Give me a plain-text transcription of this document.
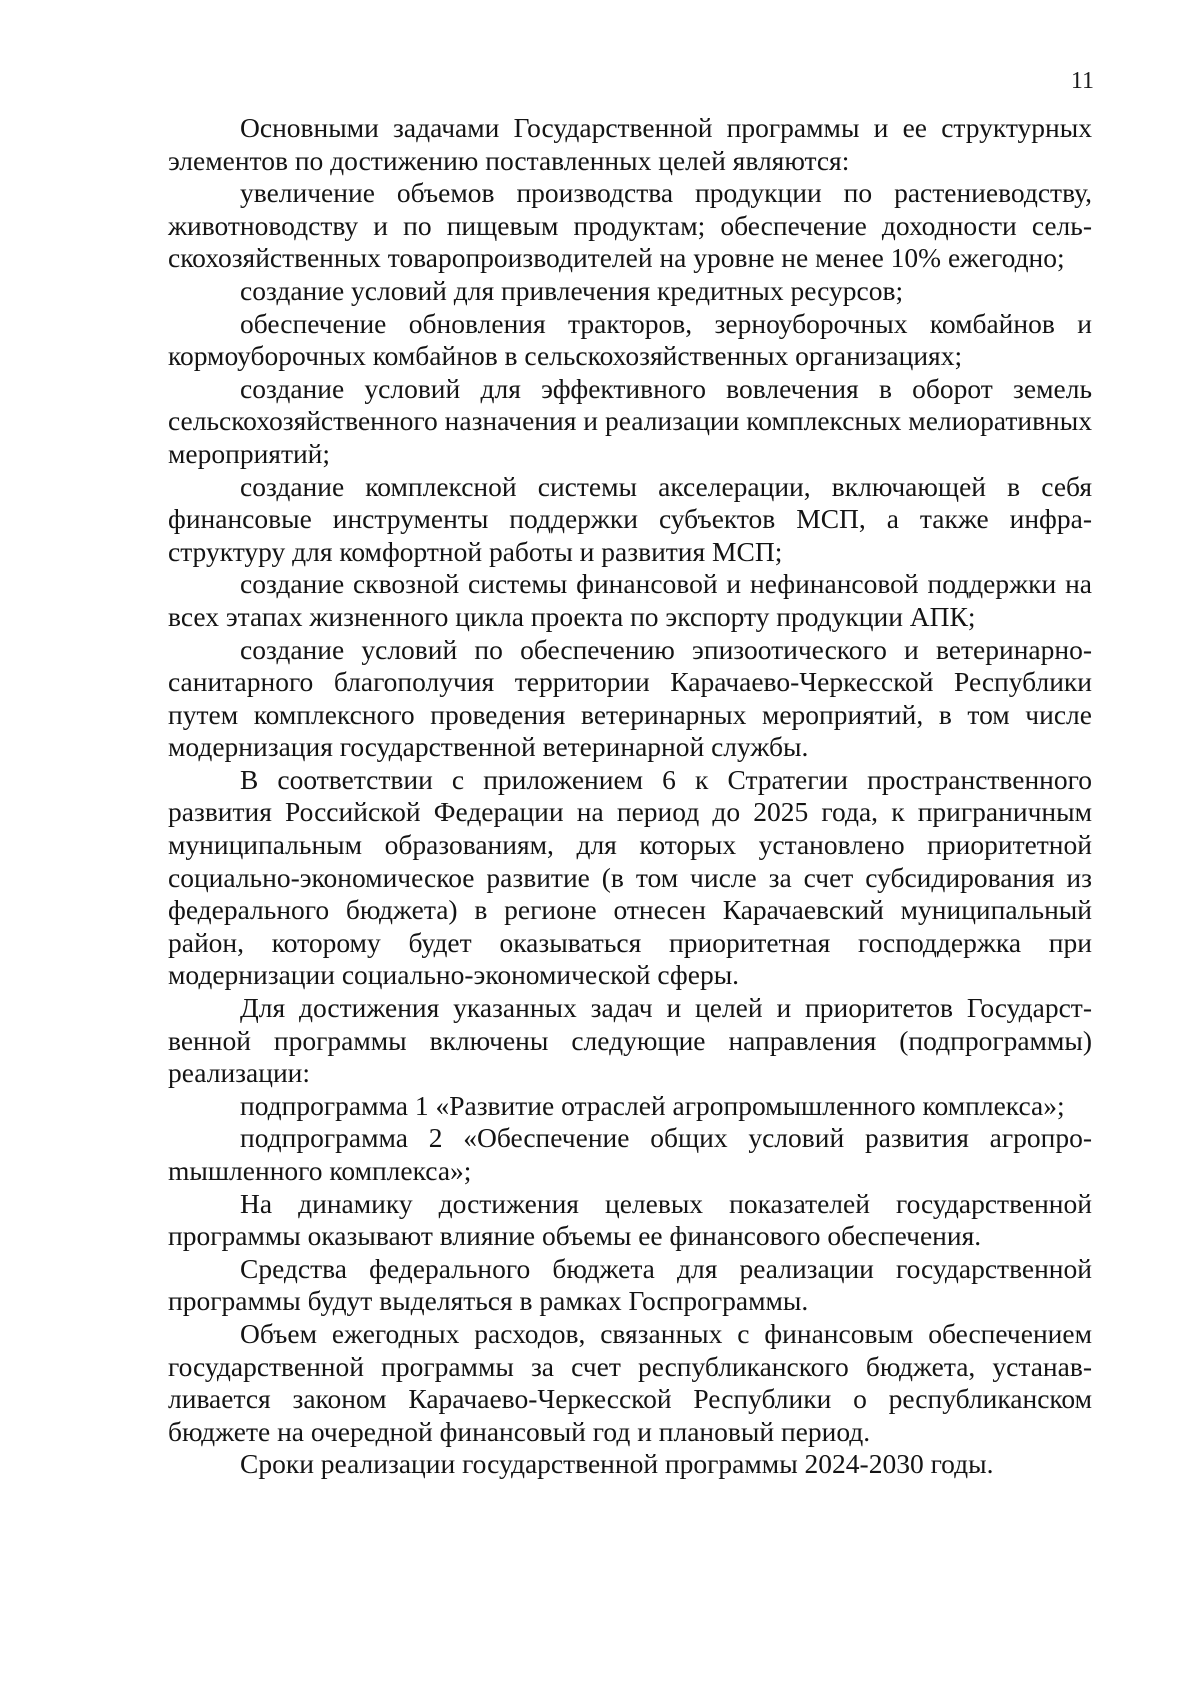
11

Основными задачами Государственной программы и ее структурных элементов по достижению поставленных целей являются:

увеличение объемов производства продукции по растениеводству, животноводству и по пищевым продуктам; обеспечение доходности сельскохозяйственных товаропроизводителей на уровне не менее 10% ежегодно;

создание условий для привлечения кредитных ресурсов;

обеспечение обновления тракторов, зерноуборочных комбайнов и кормоуборочных комбайнов в сельскохозяйственных организациях;

создание условий для эффективного вовлечения в оборот земель сельскохозяйственного назначения и реализации комплексных мелиоративных мероприятий;

создание комплексной системы акселерации, включающей в себя финансовые инструменты поддержки субъектов МСП, а также инфраструктуру для комфортной работы и развития МСП;

создание сквозной системы финансовой и нефинансовой поддержки на всех этапах жизненного цикла проекта по экспорту продукции АПК;

создание условий по обеспечению эпизоотического и ветеринарно-санитарного благополучия территории Карачаево-Черкесской Республики путем комплексного проведения ветеринарных мероприятий, в том числе модернизация государственной ветеринарной службы.

В соответствии с приложением 6 к Стратегии пространственного развития Российской Федерации на период до 2025 года, к приграничным муниципальным образованиям, для которых установлено приоритетной социально-экономическое развитие (в том числе за счет субсидирования из федерального бюджета) в регионе отнесен Карачаевский муниципальный район, которому будет оказываться приоритетная господдержка при модернизации социально-экономической сферы.

Для достижения указанных задач и целей и приоритетов Государственной программы включены следующие направления (подпрограммы) реализации:

подпрограмма 1 «Развитие отраслей агропромышленного комплекса»;

подпрограмма 2 «Обеспечение общих условий развития агропроmышленного комплекса»;

На динамику достижения целевых показателей государственной программы оказывают влияние объемы ее финансового обеспечения.

Средства федерального бюджета для реализации государственной программы будут выделяться в рамках Госпрограммы.

Объем ежегодных расходов, связанных с финансовым обеспечением государственной программы за счет республиканского бюджета, устанавливается законом Карачаево-Черкесской Республики о республиканском бюджете на очередной финансовый год и плановый период.

Сроки реализации государственной программы 2024-2030 годы.
